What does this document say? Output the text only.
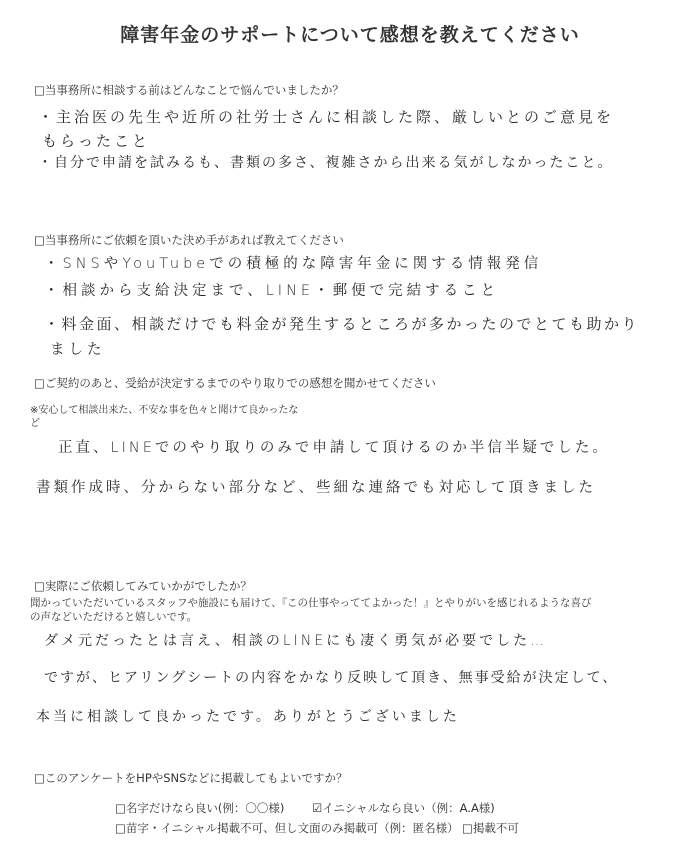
障害年金のサポートについて感想を教えてください
□当事務所に相談する前はどんなことで悩んでいましたか？
・主治医の先生や近所の社労士さんに相談した際、厳しいとのご意見を
もらったこと
・自分で申請を試みるも、書類の多さ、複雑さから出来る気がしなかったこと。
□当事務所にご依頼を頂いた決め手があれば教えてください
・SNSやYouTubeでの積極的な障害年金に関する情報発信
・相談から支給決定まで、LINE・郵便で完結すること
・料金面、相談だけでも料金が発生するところが多かったのでとても助かり
ました
□ご契約のあと、受給が決定するまでのやり取りでの感想を聞かせてください
※安心して相談出来た、不安な事を色々と聞けて良かったな
ど
正直、LINEでのやり取りのみで申請して頂けるのか半信半疑でした。
書類作成時、分からない部分など、些細な連絡でも対応して頂きました
□実際にご依頼してみていかがでしたか？
聞かっていただいているスタッフや施設にも届けて、『この仕事やっててよかった！』とやりがいを感じれるような喜び
の声などいただけると嬉しいです。
ダメ元だったとは言え、相談のLINEにも凄く勇気が必要でした…
ですが、ヒアリングシートの内容をかなり反映して頂き、無事受給が決定して、
本当に相談して良かったです。ありがとうございました
□このアンケートをHPやSNSなどに掲載してもよいですか？
□名字だけなら良い(例：〇〇様) ☑イニシャルなら良い（例：A.A様)
□苗字・イニシャル掲載不可、但し文面のみ掲載可（例：匿名様） □掲載不可
